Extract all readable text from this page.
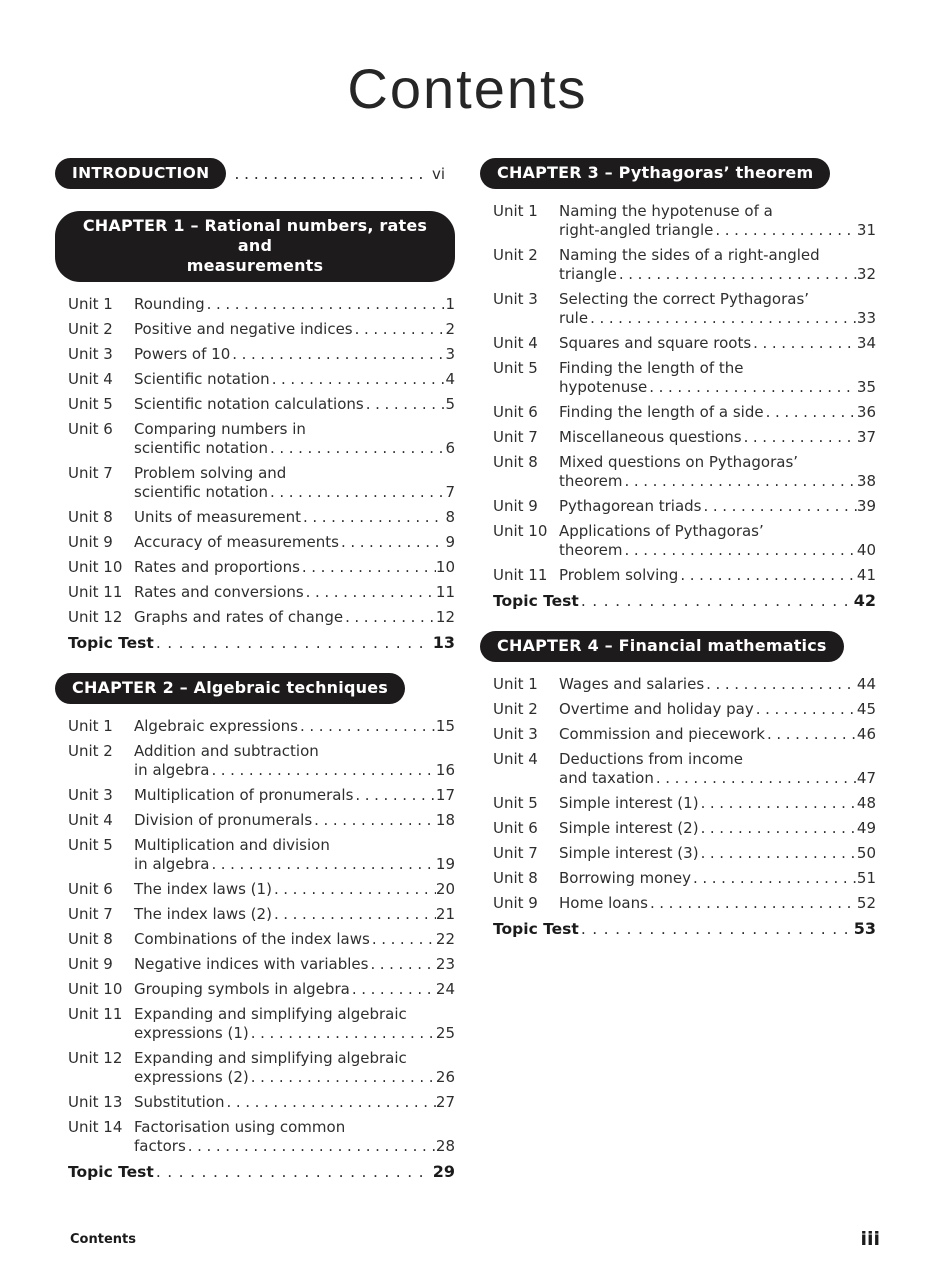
Contents
INTRODUCTION .....	vi
CHAPTER 1 – Rational numbers, rates and
measurements
Unit 1	Rounding .....	1
Unit 2	Positive and negative indices .....	2
Unit 3	Powers of 10 .....	3
Unit 4	Scientific notation .....	4
Unit 5	Scientific notation calculations .....	5
Unit 6	Comparing numbers in
scientific notation .....	6
Unit 7	Problem solving and
scientific notation .....	7
Unit 8	Units of measurement .....	8
Unit 9	Accuracy of measurements .....	9
Unit 10 Rates and proportions .....	10
Unit 11 Rates and conversions .....	11
Unit 12 Graphs and rates of change .....	12
Topic Test .....	13
CHAPTER 2 – Algebraic techniques
Unit 1	Algebraic expressions .....	15
Unit 2	Addition and subtraction
in algebra .....	16
Unit 3	Multiplication of pronumerals .....	17
Unit 4	Division of pronumerals .....	18
Unit 5	Multiplication and division
in algebra .....	19
Unit 6	The index laws (1) .....	20
Unit 7	The index laws (2) .....	21
Unit 8	Combinations of the index laws .....	22
Unit 9	Negative indices with variables .....	23
Unit 10 Grouping symbols in algebra .....	24
Unit 11 Expanding and simplifying algebraic
expressions (1) .....	25
Unit 12 Expanding and simplifying algebraic
expressions (2) .....	26
Unit 13 Substitution .....	27
Unit 14 Factorisation using common
factors .....	28
Topic Test .....	29
CHAPTER 3 – Pythagoras’ theorem
Unit 1	Naming the hypotenuse of a
right-angled triangle .....	31
Unit 2	Naming the sides of a right-angled
triangle .....	32
Unit 3	Selecting the correct Pythagoras’
rule .....	33
Unit 4	Squares and square roots .....	34
Unit 5	Finding the length of the
hypotenuse .....	35
Unit 6	Finding the length of a side .....	36
Unit 7	Miscellaneous questions .....	37
Unit 8	Mixed questions on Pythagoras’
theorem .....	38
Unit 9	Pythagorean triads .....	39
Unit 10 Applications of Pythagoras’
theorem .....	40
Unit 11 Problem solving .....	41
Topic Test .....	42
CHAPTER 4 – Financial mathematics
Unit 1	Wages and salaries .....	44
Unit 2	Overtime and holiday pay .....	45
Unit 3	Commission and piecework .....	46
Unit 4	Deductions from income
and taxation .....	47
Unit 5	Simple interest (1) .....	48
Unit 6	Simple interest (2) .....	49
Unit 7	Simple interest (3) .....	50
Unit 8	Borrowing money .....	51
Unit 9	Home loans .....	52
Topic Test .....	53
Contents	iii
